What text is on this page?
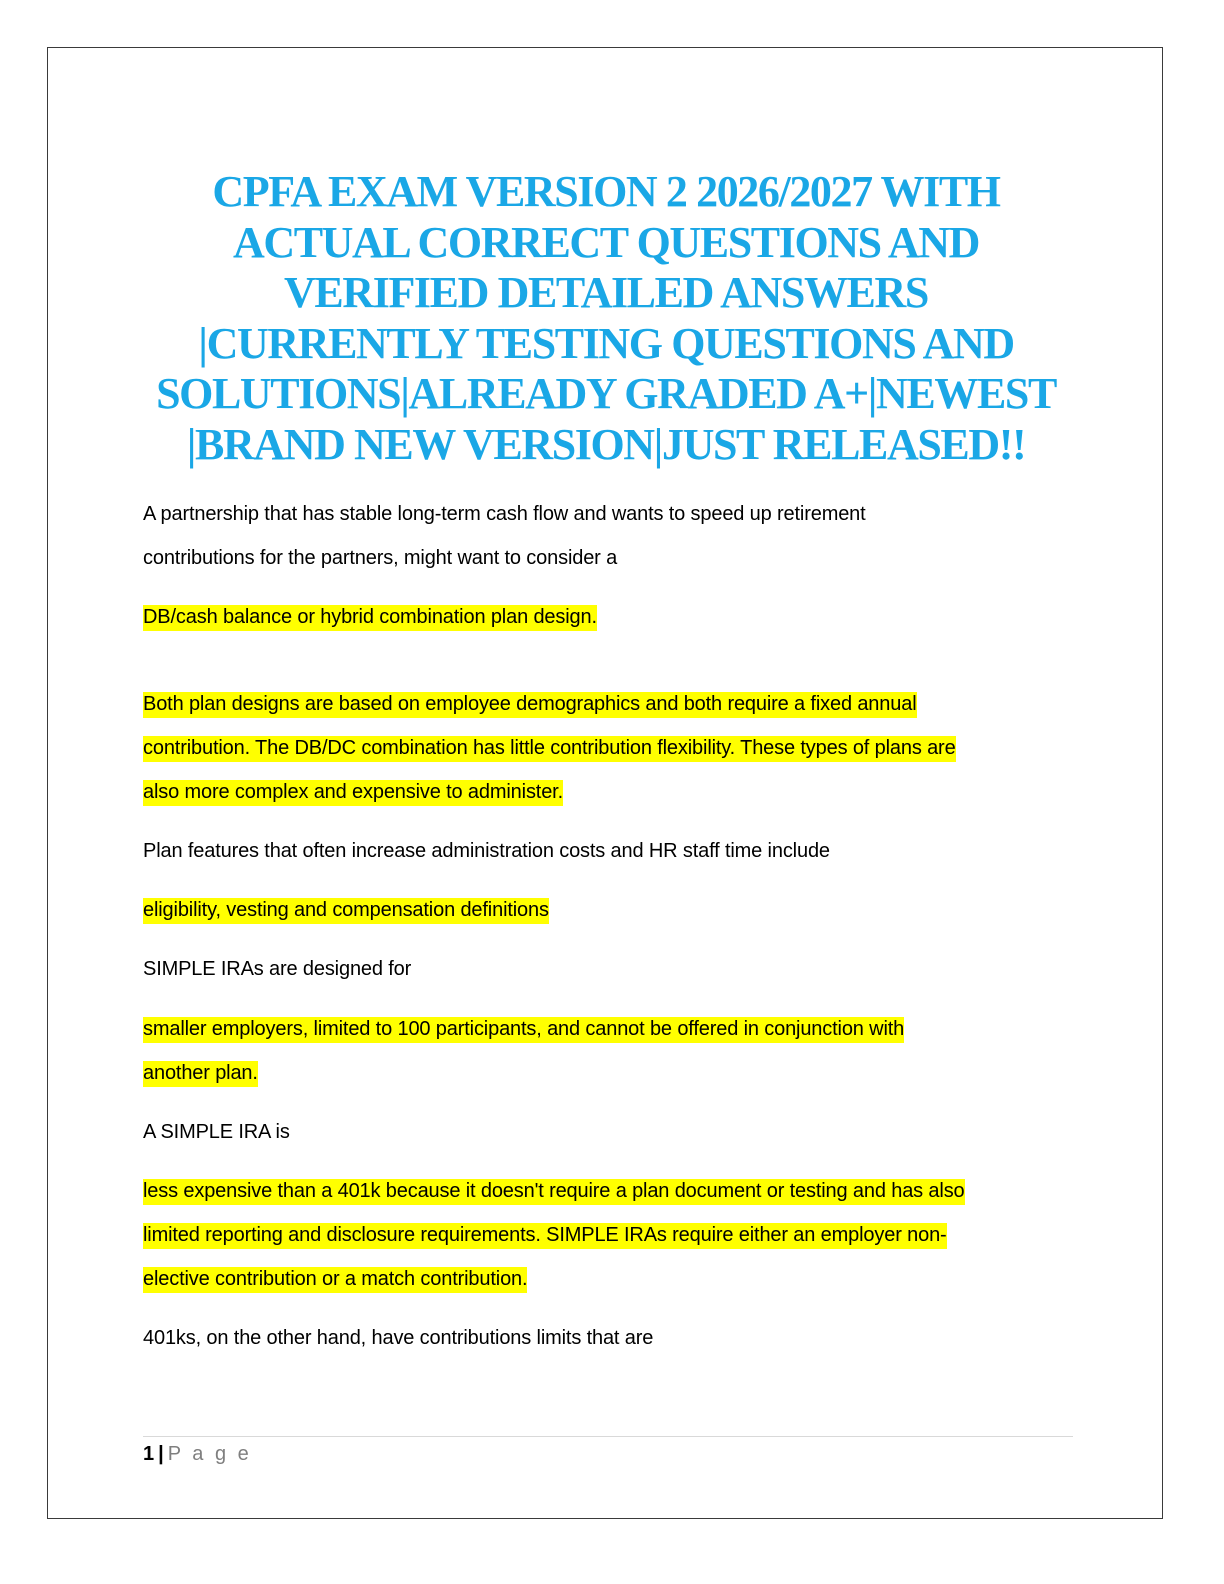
CPFA EXAM VERSION 2 2026/2027 WITH
ACTUAL CORRECT QUESTIONS AND
VERIFIED DETAILED ANSWERS
|CURRENTLY TESTING QUESTIONS AND
SOLUTIONS|ALREADY GRADED A+|NEWEST
|BRAND NEW VERSION|JUST RELEASED!!
A partnership that has stable long-term cash flow and wants to speed up retirement
contributions for the partners, might want to consider a
DB/cash balance or hybrid combination plan design.
Both plan designs are based on employee demographics and both require a fixed annual
contribution. The DB/DC combination has little contribution flexibility. These types of plans are
also more complex and expensive to administer.
Plan features that often increase administration costs and HR staff time include
eligibility, vesting and compensation definitions
SIMPLE IRAs are designed for
smaller employers, limited to 100 participants, and cannot be offered in conjunction with
another plan.
A SIMPLE IRA is
less expensive than a 401k because it doesn't require a plan document or testing and has also
limited reporting and disclosure requirements. SIMPLE IRAs require either an employer non-
elective contribution or a match contribution.
401ks, on the other hand, have contributions limits that are
1 | P a g e
